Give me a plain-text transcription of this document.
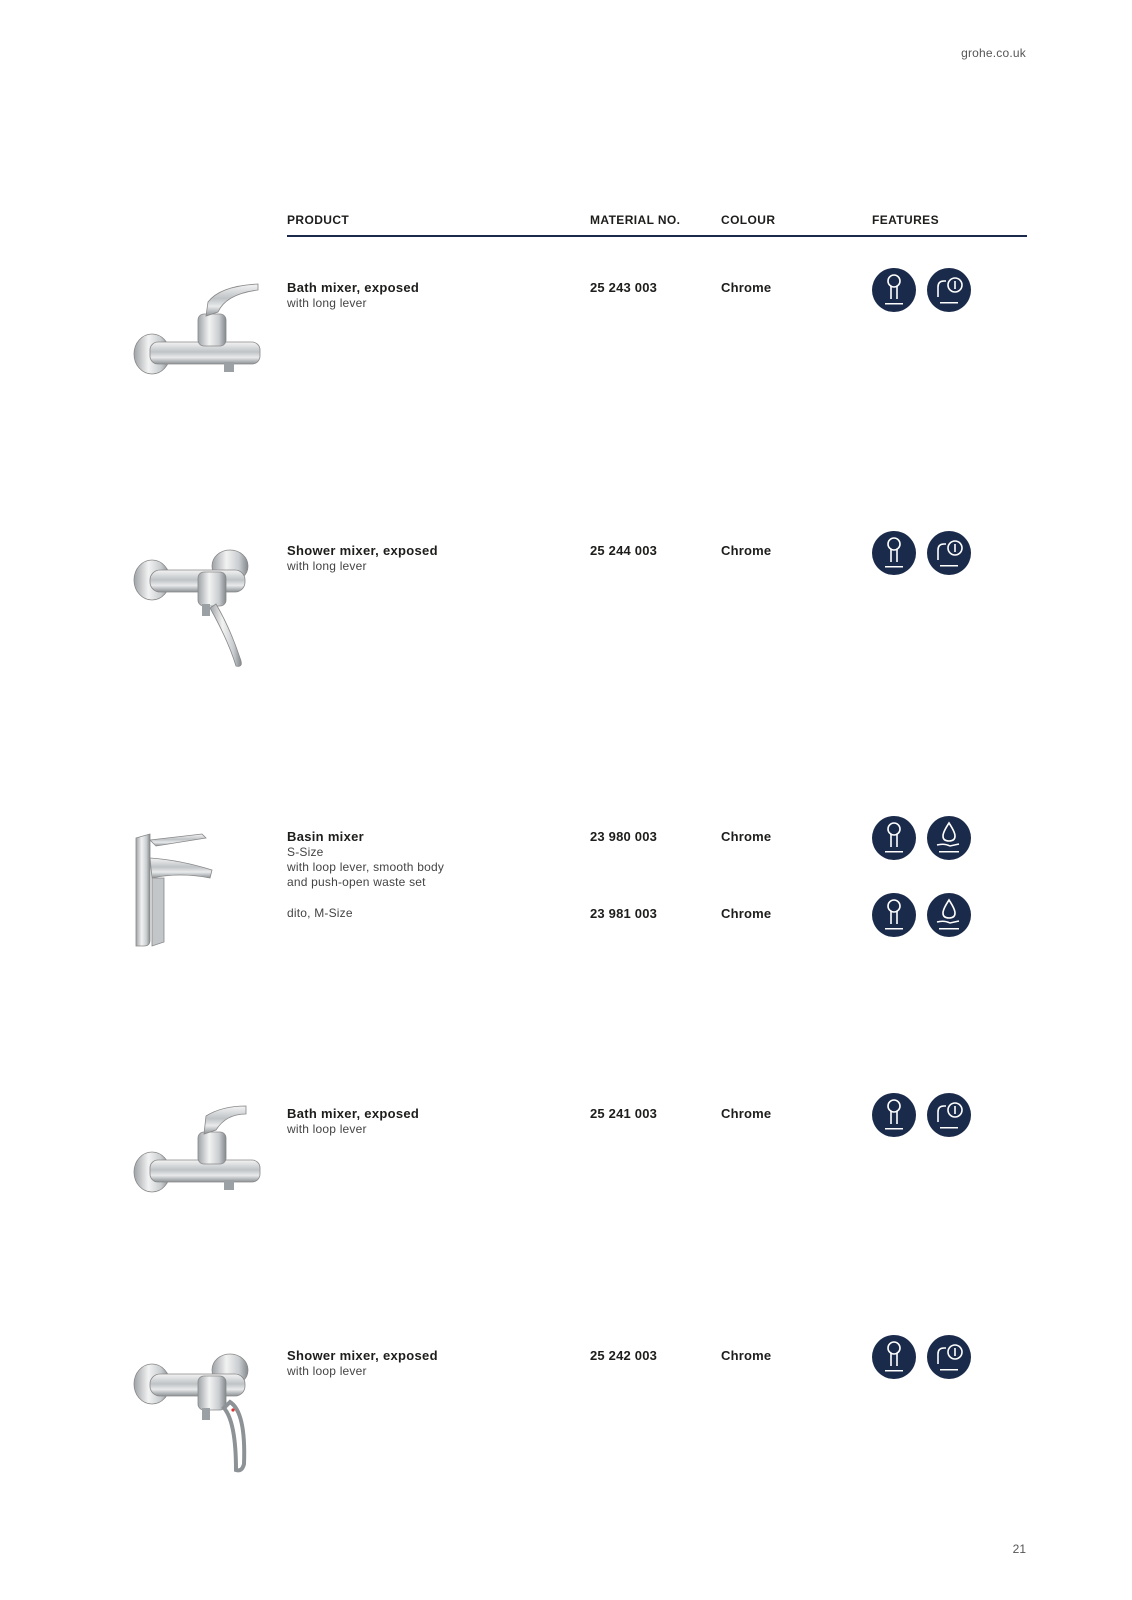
grohe.co.uk
PRODUCT	MATERIAL NO.	COLOUR	FEATURES
Bath mixer, exposed
with long lever
25 243 003	Chrome
Shower mixer, exposed
with long lever
25 244 003	Chrome
Basin mixer
S-Size
with loop lever, smooth body
and push-open waste set
23 980 003	Chrome
dito, M-Size	23 981 003	Chrome
Bath mixer, exposed
with loop lever
25 241 003	Chrome
Shower mixer, exposed
with loop lever
25 242 003	Chrome
21
